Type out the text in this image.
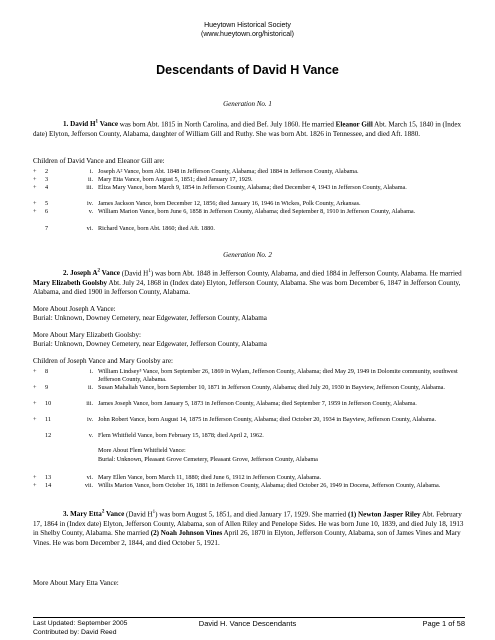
Hueytown Historical Society
(www.hueytown.org/historical)
Descendants of David H Vance
Generation No. 1
1. David $H^1$ Vance was born Abt. 1815 in North Carolina, and died Bef. July 1860. He married Eleanor Gill Abt. March 15, 1840 in (Index date) Elyton, Jefferson County, Alabama, daughter of William Gill and Ruthy. She was born Abt. 1826 in Tennessee, and died Aft. 1880.
Children of David Vance and Eleanor Gill are:
+ 2	i. Joseph A² Vance, born Abt. 1848 in Jefferson County, Alabama; died 1884 in Jefferson County, Alabama.
+ 3	ii. Mary Etta Vance, born August 5, 1851; died January 17, 1929.
+ 4	iii. Eliza Mary Vance, born March 9, 1854 in Jefferson County, Alabama; died December 4, 1943 in Jefferson County, Alabama.
+ 5	iv. James Jackson Vance, born December 12, 1856; died January 16, 1946 in Wickes, Polk County, Arkansas.
+ 6	v. William Marion Vance, born June 6, 1858 in Jefferson County, Alabama; died September 8, 1910 in Jefferson County, Alabama.
7	vi. Richard Vance, born Abt. 1860; died Aft. 1880.
Generation No. 2
2. Joseph $A^2$ Vance (David $H^1$) was born Abt. 1848 in Jefferson County, Alabama, and died 1884 in Jefferson County, Alabama. He married Mary Elizabeth Goolsby Abt. July 24, 1868 in (Index date) Elyton, Jefferson County, Alabama. She was born December 6, 1847 in Jefferson County, Alabama, and died 1900 in Jefferson County, Alabama.
More About Joseph A Vance:
Burial: Unknown, Downey Cemetery, near Edgewater, Jefferson County, Alabama
More About Mary Elizabeth Goolsby:
Burial: Unknown, Downey Cemetery, near Edgewater, Jefferson County, Alabama
Children of Joseph Vance and Mary Goolsby are:
+ 8	i. William Lindsey³ Vance, born September 26, 1869 in Wylam, Jefferson County, Alabama; died May 29, 1949 in Dolomite community, southwest Jefferson County, Alabama.
+ 9	ii. Susan Mahaliah Vance, born September 10, 1871 in Jefferson County, Alabama; died July 20, 1930 in Bayview, Jefferson County, Alabama.
+ 10	iii. James Joseph Vance, born January 5, 1873 in Jefferson County, Alabama; died September 7, 1959 in Jefferson County, Alabama.
+ 11	iv. John Robert Vance, born August 14, 1875 in Jefferson County, Alabama; died October 20, 1934 in Bayview, Jefferson County, Alabama.
12	v. Flem Whitfield Vance, born February 15, 1878; died April 2, 1962.
More About Flem Whitfield Vance:
Burial: Unknown, Pleasant Grove Cemetery, Pleasant Grove, Jefferson County, Alabama
+ 13	vi. Mary Ellen Vance, born March 11, 1880; died June 6, 1912 in Jefferson County, Alabama.
+ 14	vii. Willis Marion Vance, born October 16, 1881 in Jefferson County, Alabama; died October 26, 1949 in Docena, Jefferson County, Alabama.
3. Mary Etta$^2$ Vance (David $H^1$) was born August 5, 1851, and died January 17, 1929. She married (1) Newton Jasper Riley Abt. February 17, 1864 in (Index date) Elyton, Jefferson County, Alabama, son of Allen Riley and Penelope Sides. He was born June 10, 1839, and died July 18, 1913 in Shelby County, Alabama. She married (2) Noah Johnson Vines April 26, 1870 in Elyton, Jefferson County, Alabama, son of James Vines and Mary Vines. He was born December 2, 1844, and died October 5, 1921.
More About Mary Etta Vance:
Last Updated: September 2005
Contributed by: David Reed
David H. Vance Descendants	Page 1 of 58
